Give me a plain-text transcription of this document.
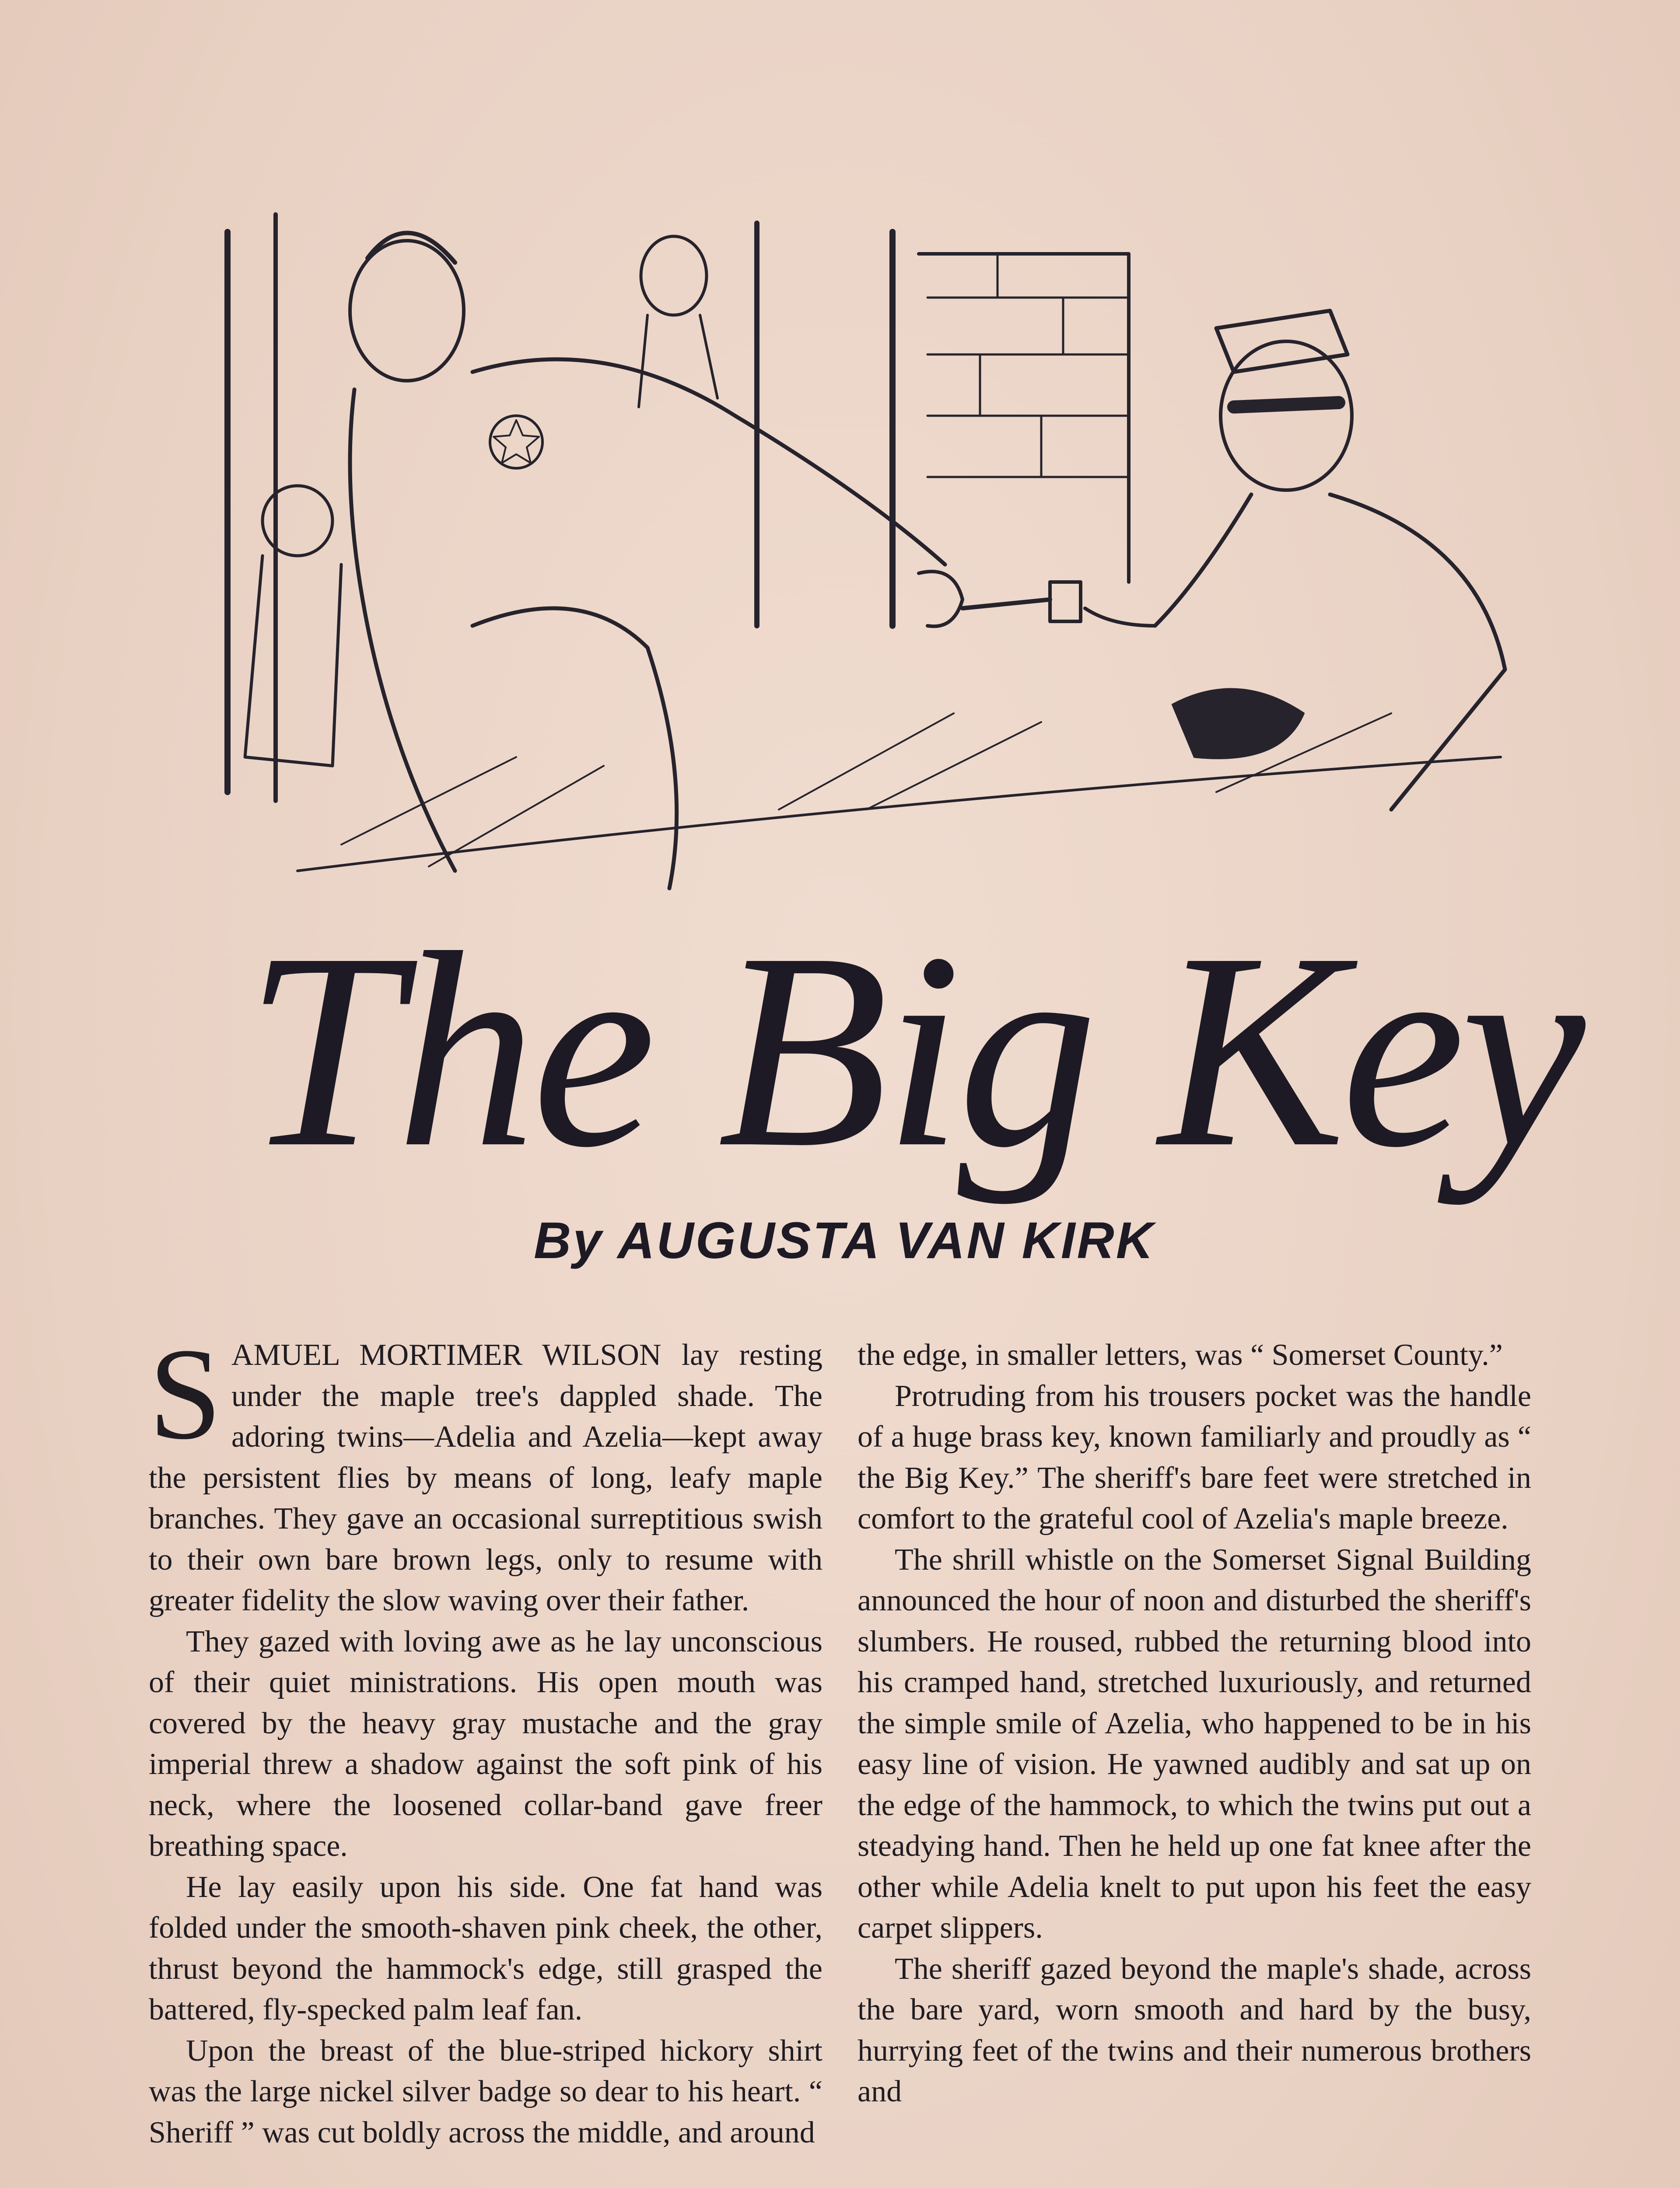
The Big Key
By AUGUSTA VAN KIRK

SAMUEL MORTIMER WILSON lay resting under the maple tree's dappled shade. The adoring twins—Adelia and Azelia—kept away the persistent flies by means of long, leafy maple branches. They gave an occasional surreptitious swish to their own bare brown legs, only to resume with greater fidelity the slow waving over their father.

They gazed with loving awe as he lay unconscious of their quiet ministrations. His open mouth was covered by the heavy gray mustache and the gray imperial threw a shadow against the soft pink of his neck, where the loosened collar-band gave freer breathing space.

He lay easily upon his side. One fat hand was folded under the smooth-shaven pink cheek, the other, thrust beyond the hammock's edge, still grasped the battered, fly-specked palm leaf fan.

Upon the breast of the blue-striped hickory shirt was the large nickel silver badge so dear to his heart. “ Sheriff ” was cut boldly across the middle, and around

the edge, in smaller letters, was “ Somerset County.”

Protruding from his trousers pocket was the handle of a huge brass key, known familiarly and proudly as “ the Big Key.” The sheriff's bare feet were stretched in comfort to the grateful cool of Azelia's maple breeze.

The shrill whistle on the Somerset Signal Building announced the hour of noon and disturbed the sheriff's slumbers. He roused, rubbed the returning blood into his cramped hand, stretched luxuriously, and returned the simple smile of Azelia, who happened to be in his easy line of vision. He yawned audibly and sat up on the edge of the hammock, to which the twins put out a steadying hand. Then he held up one fat knee after the other while Adelia knelt to put upon his feet the easy carpet slippers.

The sheriff gazed beyond the maple's shade, across the bare yard, worn smooth and hard by the busy, hurrying feet of the twins and their numerous brothers and
